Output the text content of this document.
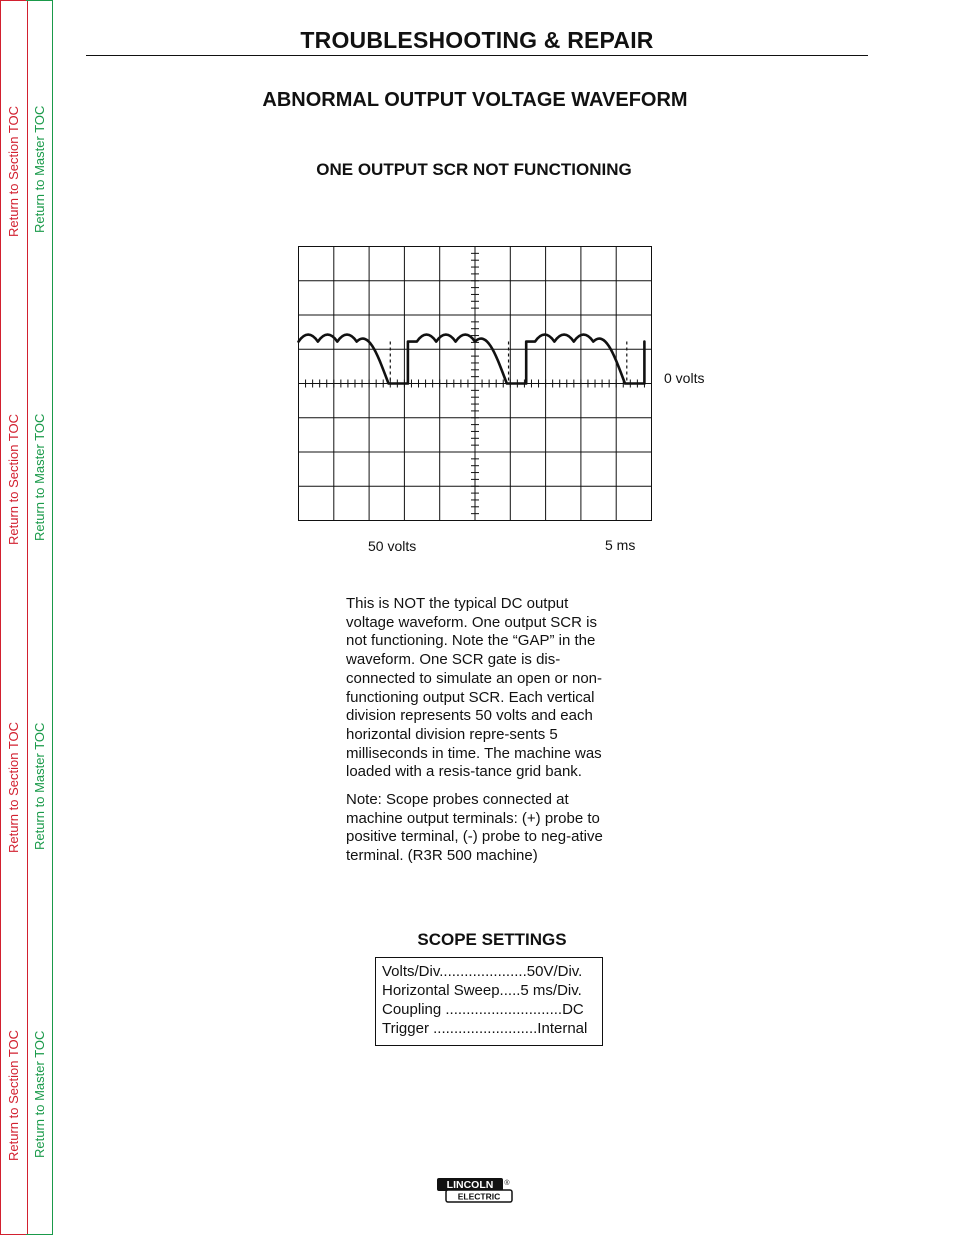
Return to Section TOC Return to Master TOC
Return to Section TOC Return to Master TOC
Return to Section TOC Return to Master TOC
Return to Section TOC Return to Master TOC
TROUBLESHOOTING & REPAIR
ABNORMAL OUTPUT VOLTAGE WAVEFORM
ONE OUTPUT SCR NOT FUNCTIONING
0 volts
50 volts	5 ms

This is NOT the typical DC output voltage waveform. One output SCR is not functioning. Note the “GAP” in the waveform. One SCR gate is dis-connected to simulate an open or non-functioning output SCR. Each vertical division represents 50 volts and each horizontal division repre-sents 5 milliseconds in time. The machine was loaded with a resis-tance grid bank.

Note: Scope probes connected at machine output terminals: (+) probe to positive terminal, (-) probe to neg-ative terminal. (R3R 500 machine)

SCOPE SETTINGS
Volts/Div.....................50V/Div.
Horizontal Sweep.....5 ms/Div.
Coupling ............................DC
Trigger .........................Internal
LINCOLN
ELECTRIC
®
